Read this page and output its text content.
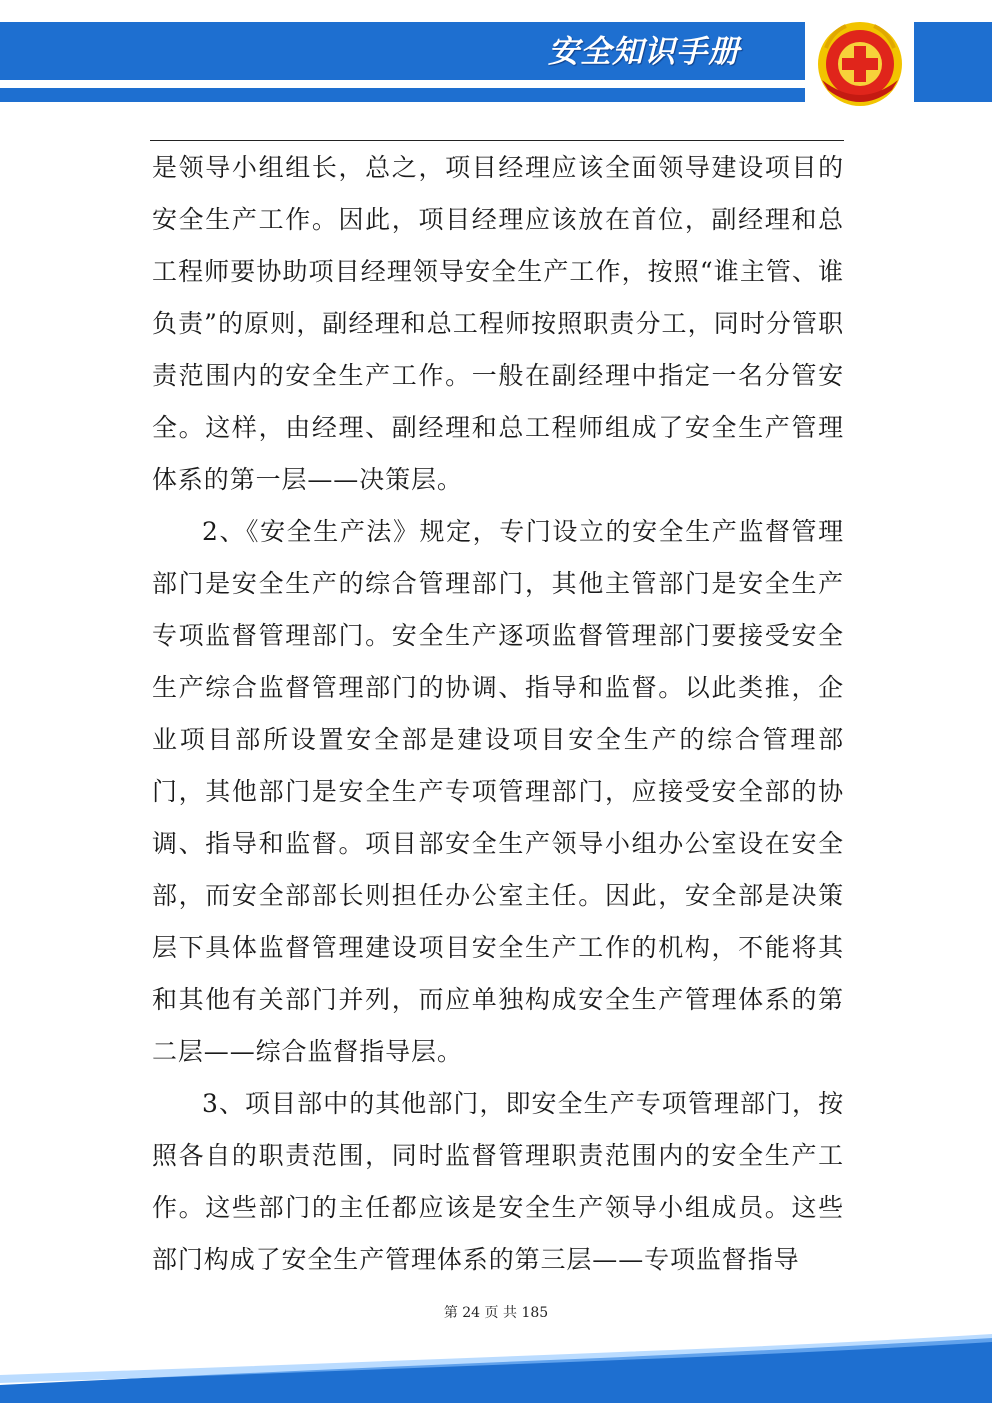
安全知识手册

是领导小组组长，总之，项目经理应该全面领导建设项目的安全生产工作。因此，项目经理应该放在首位，副经理和总工程师要协助项目经理领导安全生产工作，按照“谁主管、谁负责”的原则，副经理和总工程师按照职责分工，同时分管职责范围内的安全生产工作。一般在副经理中指定一名分管安全。这样，由经理、副经理和总工程师组成了安全生产管理体系的第一层——决策层。

2、《安全生产法》规定，专门设立的安全生产监督管理部门是安全生产的综合管理部门，其他主管部门是安全生产专项监督管理部门。安全生产逐项监督管理部门要接受安全生产综合监督管理部门的协调、指导和监督。以此类推，企业项目部所设置安全部是建设项目安全生产的综合管理部门，其他部门是安全生产专项管理部门，应接受安全部的协调、指导和监督。项目部安全生产领导小组办公室设在安全部，而安全部部长则担任办公室主任。因此，安全部是决策层下具体监督管理建设项目安全生产工作的机构，不能将其和其他有关部门并列，而应单独构成安全生产管理体系的第二层——综合监督指导层。

3、项目部中的其他部门，即安全生产专项管理部门，按照各自的职责范围，同时监督管理职责范围内的安全生产工作。这些部门的主任都应该是安全生产领导小组成员。这些部门构成了安全生产管理体系的第三层——专项监督指导

第 24 页 共 185
